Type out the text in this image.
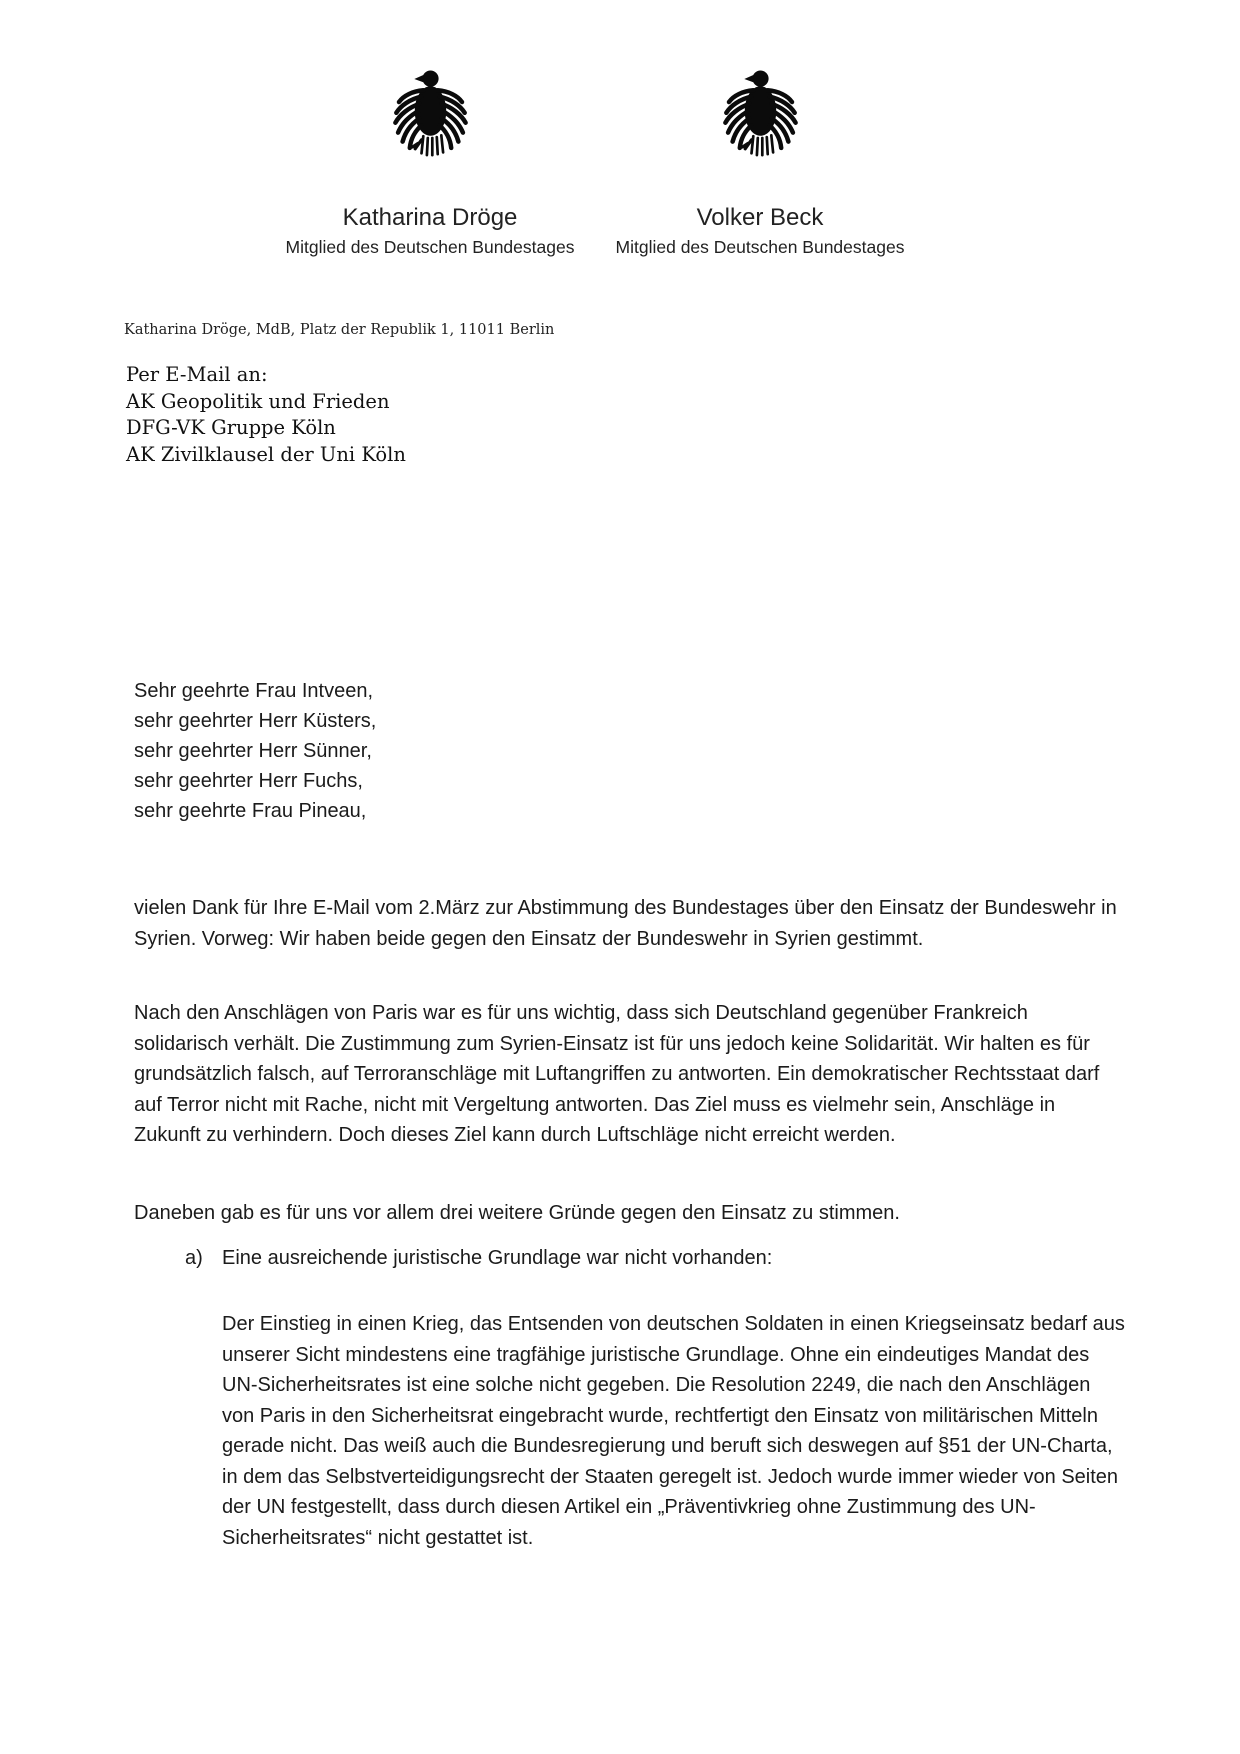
Katharina Dröge
Mitglied des Deutschen Bundestages
Volker Beck
Mitglied des Deutschen Bundestages
Katharina Dröge, MdB, Platz der Republik 1, 11011 Berlin
Per E-Mail an:
AK Geopolitik und Frieden
DFG-VK Gruppe Köln
AK Zivilklausel der Uni Köln
Sehr geehrte Frau Intveen,
sehr geehrter Herr Küsters,
sehr geehrter Herr Sünner,
sehr geehrter Herr Fuchs,
sehr geehrte Frau Pineau,
vielen Dank für Ihre E-Mail vom 2.März zur Abstimmung des Bundestages über den Einsatz der Bundeswehr in Syrien. Vorweg: Wir haben beide gegen den Einsatz der Bundeswehr in Syrien gestimmt.
Nach den Anschlägen von Paris war es für uns wichtig, dass sich Deutschland gegenüber Frankreich solidarisch verhält. Die Zustimmung zum Syrien-Einsatz ist für uns jedoch keine Solidarität. Wir halten es für grundsätzlich falsch, auf Terroranschläge mit Luftangriffen zu antworten. Ein demokratischer Rechtsstaat darf auf Terror nicht mit Rache, nicht mit Vergeltung antworten. Das Ziel muss es vielmehr sein, Anschläge in Zukunft zu verhindern. Doch dieses Ziel kann durch Luftschläge nicht erreicht werden.
Daneben gab es für uns vor allem drei weitere Gründe gegen den Einsatz zu stimmen.
a) Eine ausreichende juristische Grundlage war nicht vorhanden:
Der Einstieg in einen Krieg, das Entsenden von deutschen Soldaten in einen Kriegseinsatz bedarf aus unserer Sicht mindestens eine tragfähige juristische Grundlage. Ohne ein eindeutiges Mandat des UN-Sicherheitsrates ist eine solche nicht gegeben. Die Resolution 2249, die nach den Anschlägen von Paris in den Sicherheitsrat eingebracht wurde, rechtfertigt den Einsatz von militärischen Mitteln gerade nicht. Das weiß auch die Bundesregierung und beruft sich deswegen auf §51 der UN-Charta, in dem das Selbstverteidigungsrecht der Staaten geregelt ist. Jedoch wurde immer wieder von Seiten der UN festgestellt, dass durch diesen Artikel ein „Präventivkrieg ohne Zustimmung des UN-Sicherheitsrates“ nicht gestattet ist.
